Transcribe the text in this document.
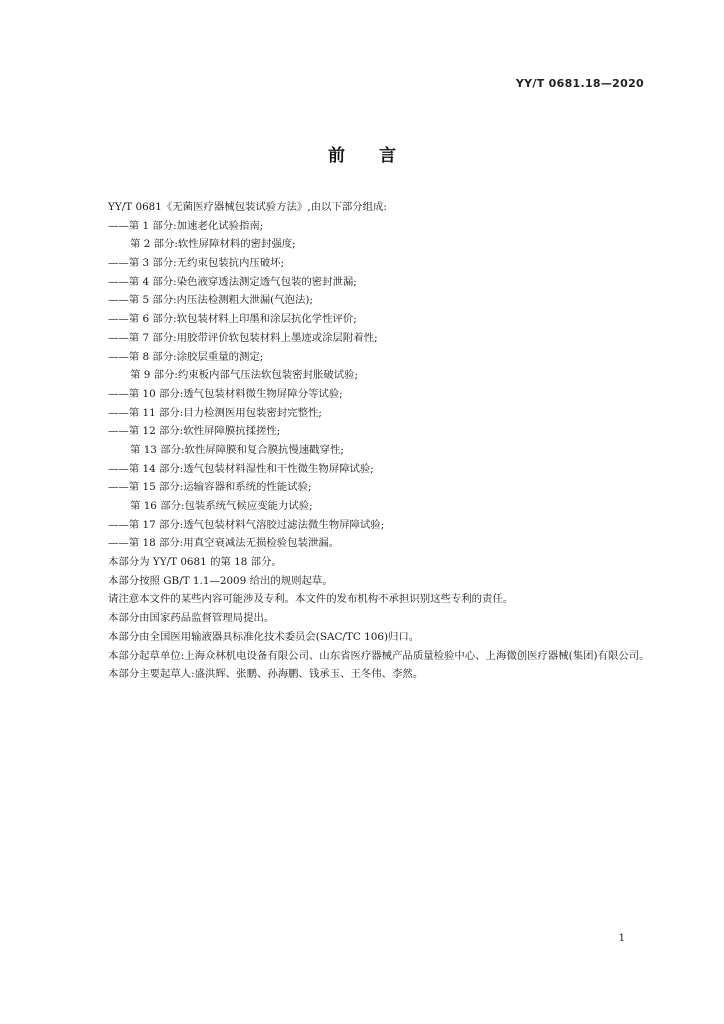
YY/T 0681.18—2020
前言
YY/T 0681《无菌医疗器械包装试验方法》,由以下部分组成:
——第 1 部分:加速老化试验指南;
第 2 部分:软性屏障材料的密封强度;
——第 3 部分:无约束包装抗内压破坏;
——第 4 部分:染色液穿透法测定透气包装的密封泄漏;
——第 5 部分:内压法检测粗大泄漏(气泡法);
——第 6 部分:软包装材料上印墨和涂层抗化学性评价;
——第 7 部分:用胶带评价软包装材料上墨迹或涂层附着性;
——第 8 部分:涂胶层重量的测定;
第 9 部分:约束板内部气压法软包装密封胀破试验;
——第 10 部分:透气包装材料微生物屏障分等试验;
——第 11 部分:目力检测医用包装密封完整性;
——第 12 部分:软性屏障膜抗揉搓性;
第 13 部分:软性屏障膜和复合膜抗慢速戳穿性;
——第 14 部分:透气包装材料湿性和干性微生物屏障试验;
——第 15 部分:运输容器和系统的性能试验;
第 16 部分:包装系统气候应变能力试验;
——第 17 部分:透气包装材料气溶胶过滤法微生物屏障试验;
——第 18 部分:用真空衰减法无损检验包装泄漏。
本部分为 YY/T 0681 的第 18 部分。
本部分按照 GB/T 1.1—2009 给出的规则起草。
请注意本文件的某些内容可能涉及专利。本文件的发布机构不承担识别这些专利的责任。
本部分由国家药品监督管理局提出。
本部分由全国医用输液器具标准化技术委员会(SAC/TC 106)归口。
本部分起草单位:上海众林机电设备有限公司、山东省医疗器械产品质量检验中心、上海微创医疗器械(集团)有限公司。
本部分主要起草人:盛洪辉、张鹏、孙海鹏、钱承玉、王冬伟、李然。
1
